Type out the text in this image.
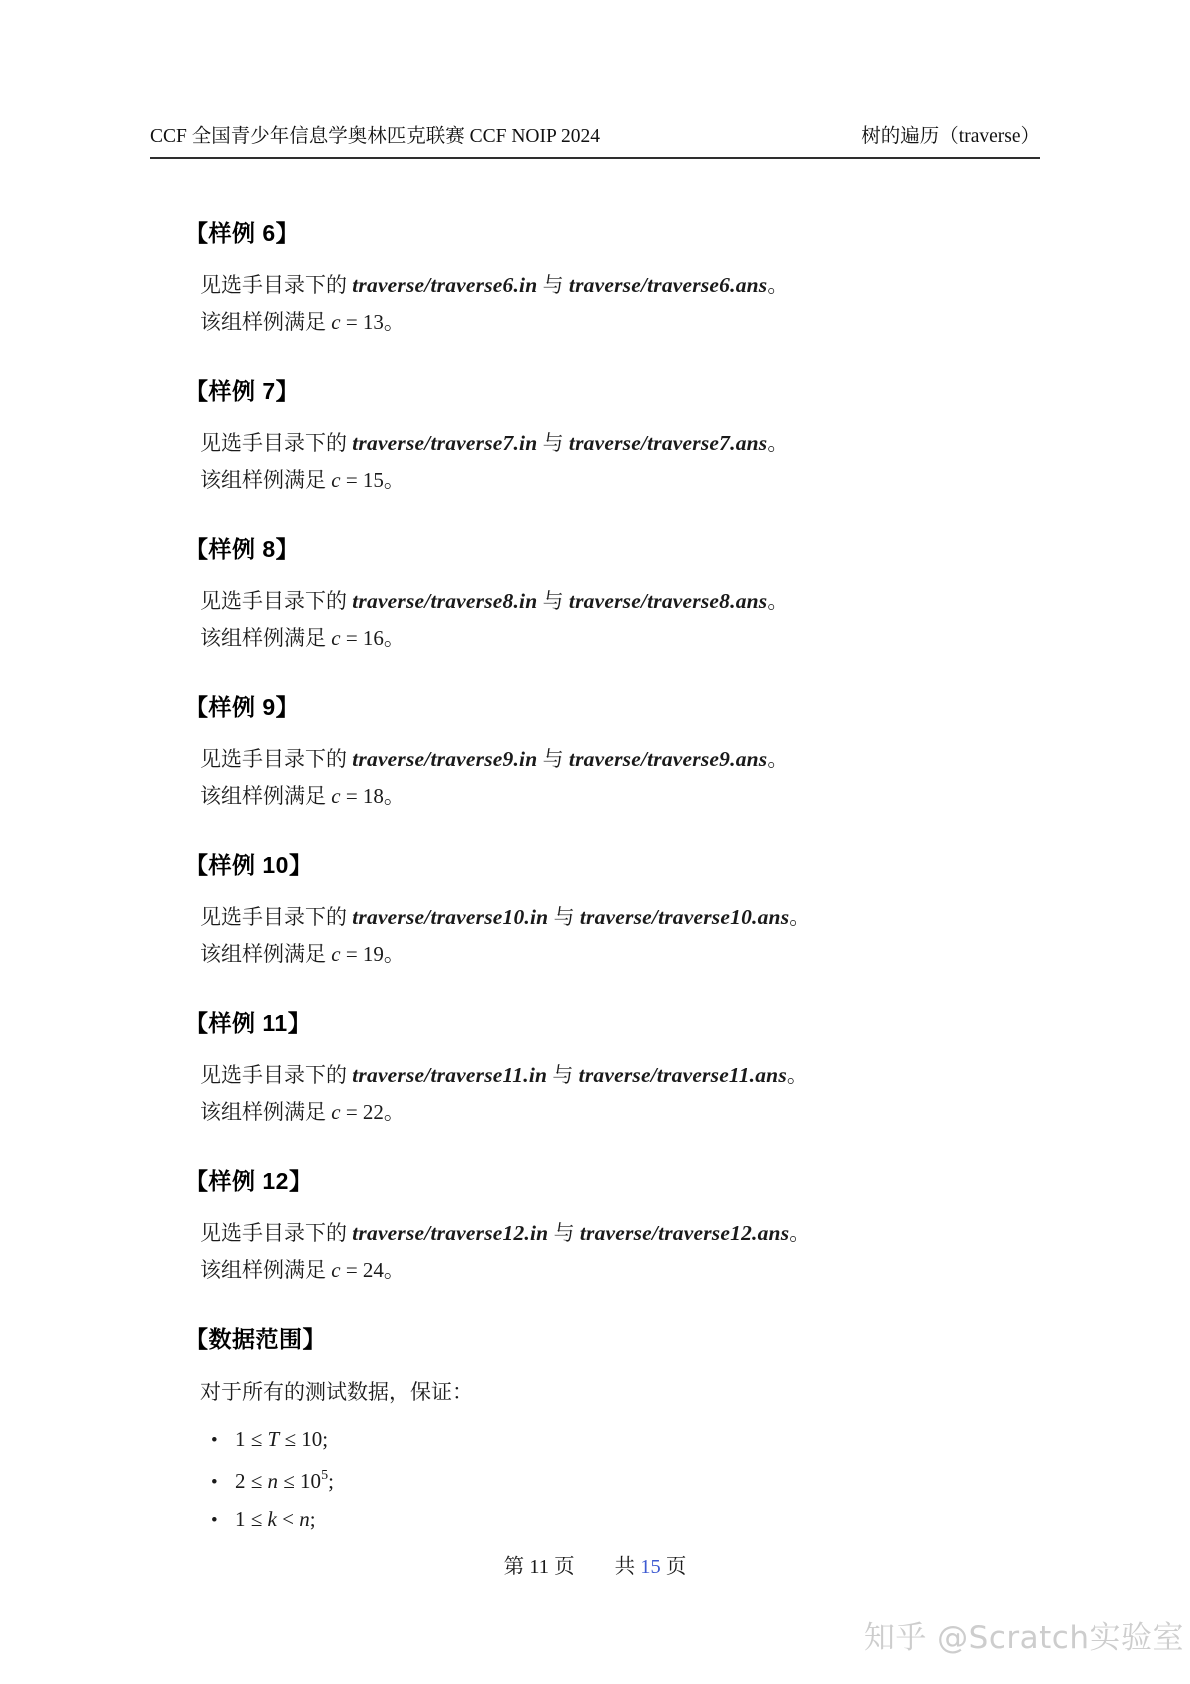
CCF 全国青少年信息学奥林匹克联赛 CCF NOIP 2024	树的遍历（traverse）
【样例 6】

见选手目录下的 traverse/traverse6.in 与 traverse/traverse6.ans。

该组样例满足 c = 13。

【样例 7】

见选手目录下的 traverse/traverse7.in 与 traverse/traverse7.ans。

该组样例满足 c = 15。

【样例 8】

见选手目录下的 traverse/traverse8.in 与 traverse/traverse8.ans。

该组样例满足 c = 16。

【样例 9】

见选手目录下的 traverse/traverse9.in 与 traverse/traverse9.ans。

该组样例满足 c = 18。

【样例 10】

见选手目录下的 traverse/traverse10.in 与 traverse/traverse10.ans。

该组样例满足 c = 19。

【样例 11】

见选手目录下的 traverse/traverse11.in 与 traverse/traverse11.ans。

该组样例满足 c = 22。

【样例 12】

见选手目录下的 traverse/traverse12.in 与 traverse/traverse12.ans。

该组样例满足 c = 24。

【数据范围】

对于所有的测试数据，保证：

• 1 ≤ T ≤ 10;
• $2 \le n \le 10^5$;
• 1 ≤ k < n;
第 11 页 共 15 页
知乎 @Scratch实验室
